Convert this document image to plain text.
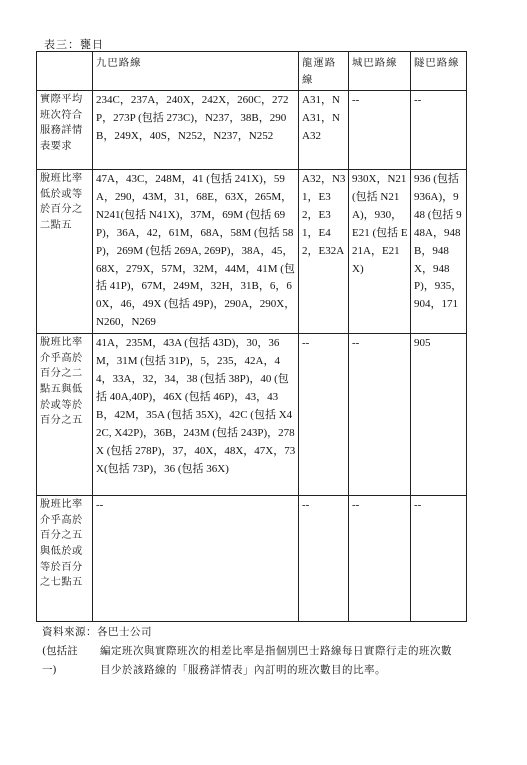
表三：甕日
	九巴路線	龍運路線	城巴路線	隧巴路線
實際平均班次符合服務詳情表要求	234C，237A，240X，242X，260C，272P，273P (包括 273C)，N237，38B，290B，249X，40S，N252，N237，N252	A31，NA31，NA32	--	--
脫班比率低於或等於百分之二點五	47A，43C，248M，41 (包括 241X)，59A，290，43M，31，68E，63X，265M，N241(包括 N41X)，37M，69M (包括 69P)，36A，42，61M，68A，58M (包括 58P)，269M (包括 269A, 269P)，38A，45，68X，279X，57M，32M，44M，41M (包括 41P)，67M，249M，32H，31B，6，60X，46，49X (包括 49P)，290A，290X，N260，N269	A32，N31，E32，E31，E42，E32A	930X，N21 (包括 N21A)，930，E21 (包括 E21A，E21X)	936 (包括 936A)，948 (包括 948A，948B，948X，948P)，935，904，171
脫班比率介乎高於百分之二點五與低於或等於百分之五	41A，235M，43A (包括 43D)，30，36M，31M (包括 31P)，5，235，42A，44，33A，32，34，38 (包括 38P)，40 (包括 40A,40P)，46X (包括 46P)，43，43B，42M，35A (包括 35X)，42C (包括 X42C, X42P)，36B，243M (包括 243P)，278X (包括 278P)，37，40X，48X，47X，73X(包括 73P)，36 (包括 36X)	--	--	905
脫班比率介乎高於百分之五與低於或等於百分之七點五	--	--	--	--
資料來源：各巴士公司
(包括註一)
編定班次與實際班次的相差比率是指個別巴士路線每日實際行走的班次數目少於該路線的「服務詳情表」內訂明的班次數目的比率。
